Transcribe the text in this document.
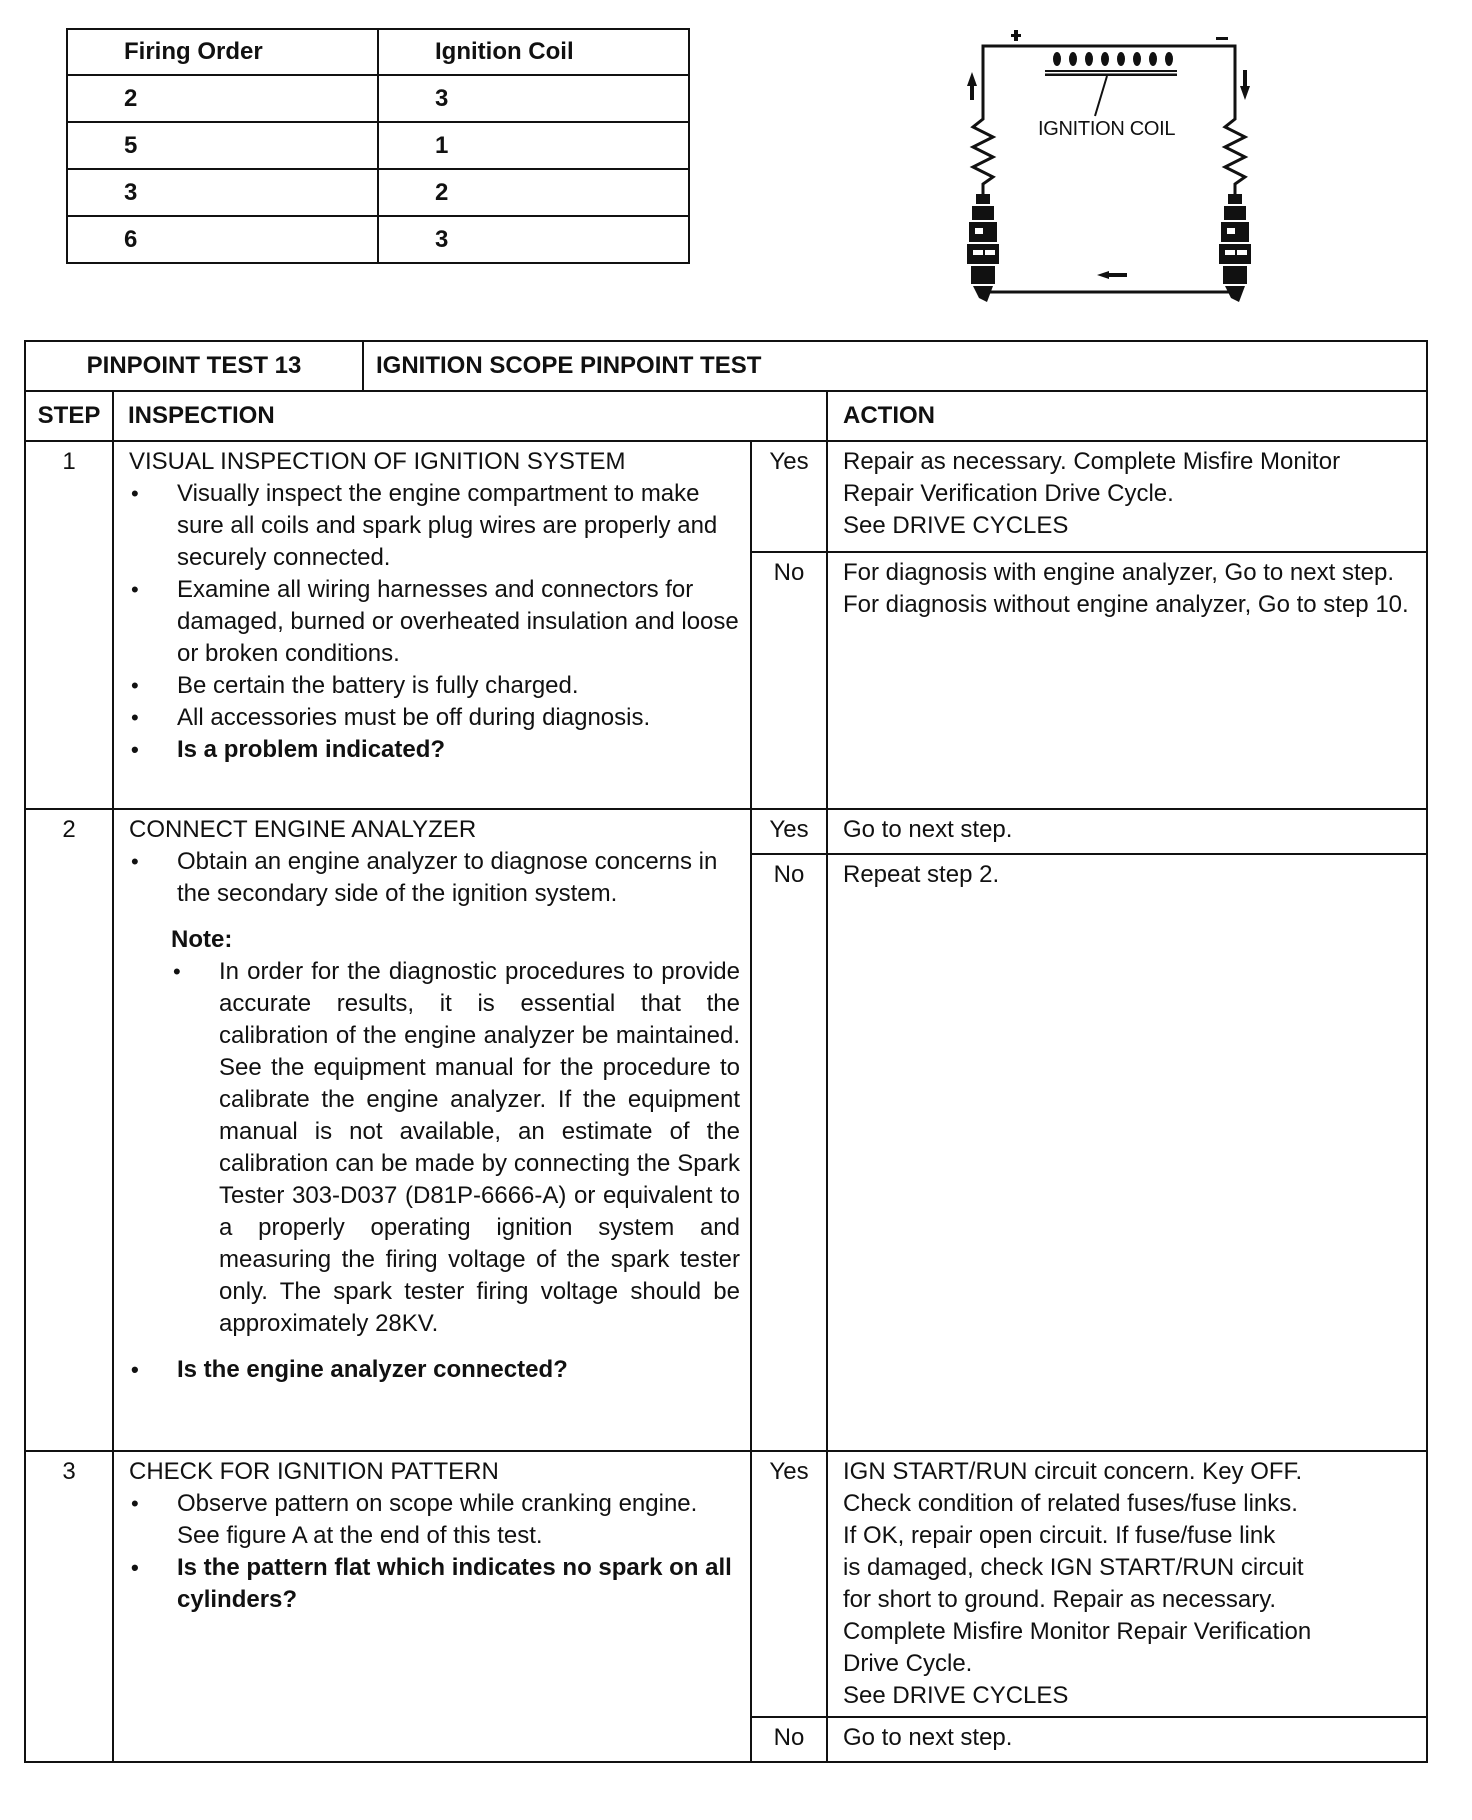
Firing Order	Ignition Coil
2	3
5	1
3	2
6	3
IGNITION COIL
PINPOINT TEST 13		IGNITION SCOPE PINPOINT TEST		
STEP	INSPECTION			ACTION
1	VISUAL INSPECTION OF IGNITION SYSTEM
• Visually inspect the engine compartment to make sure all coils and spark plug wires are properly and securely connected.
• Examine all wiring harnesses and connectors for damaged, burned or overheated insulation and loose or broken conditions.
• Be certain the battery is fully charged.
• All accessories must be off during diagnosis.
• Is a problem indicated?
	Yes	Repair as necessary. Complete Misfire Monitor
Repair Verification Drive Cycle.
See DRIVE CYCLES

			No	For diagnosis with engine analyzer, Go to next step.
For diagnosis without engine analyzer, Go to step 10.

2	CONNECT ENGINE ANALYZER
• Obtain an engine analyzer to diagnose concerns in the secondary side of the ignition system.
Note:
• In order for the diagnostic procedures to provide accurate results, it is essential that the calibration of the engine analyzer be maintained. See the equipment manual for the procedure to calibrate the engine analyzer. If the equipment manual is not available, an estimate of the calibration can be made by connecting the Spark Tester 303-D037 (D81P-6666-A) or equivalent to a properly operating ignition system and measuring the firing voltage of the spark tester only. The spark tester firing voltage should be approximately 28KV.
• Is the engine analyzer connected?
	Yes	Go to next step.

			No	Repeat step 2.

3	CHECK FOR IGNITION PATTERN
• Observe pattern on scope while cranking engine. See figure A at the end of this test.
• Is the pattern flat which indicates no spark on all cylinders?
	Yes	IGN START/RUN circuit concern. Key OFF.
Check condition of related fuses/fuse links.
If OK, repair open circuit. If fuse/fuse link
is damaged, check IGN START/RUN circuit
for short to ground. Repair as necessary.
Complete Misfire Monitor Repair Verification
Drive Cycle.
See DRIVE CYCLES

			No	Go to next step.
